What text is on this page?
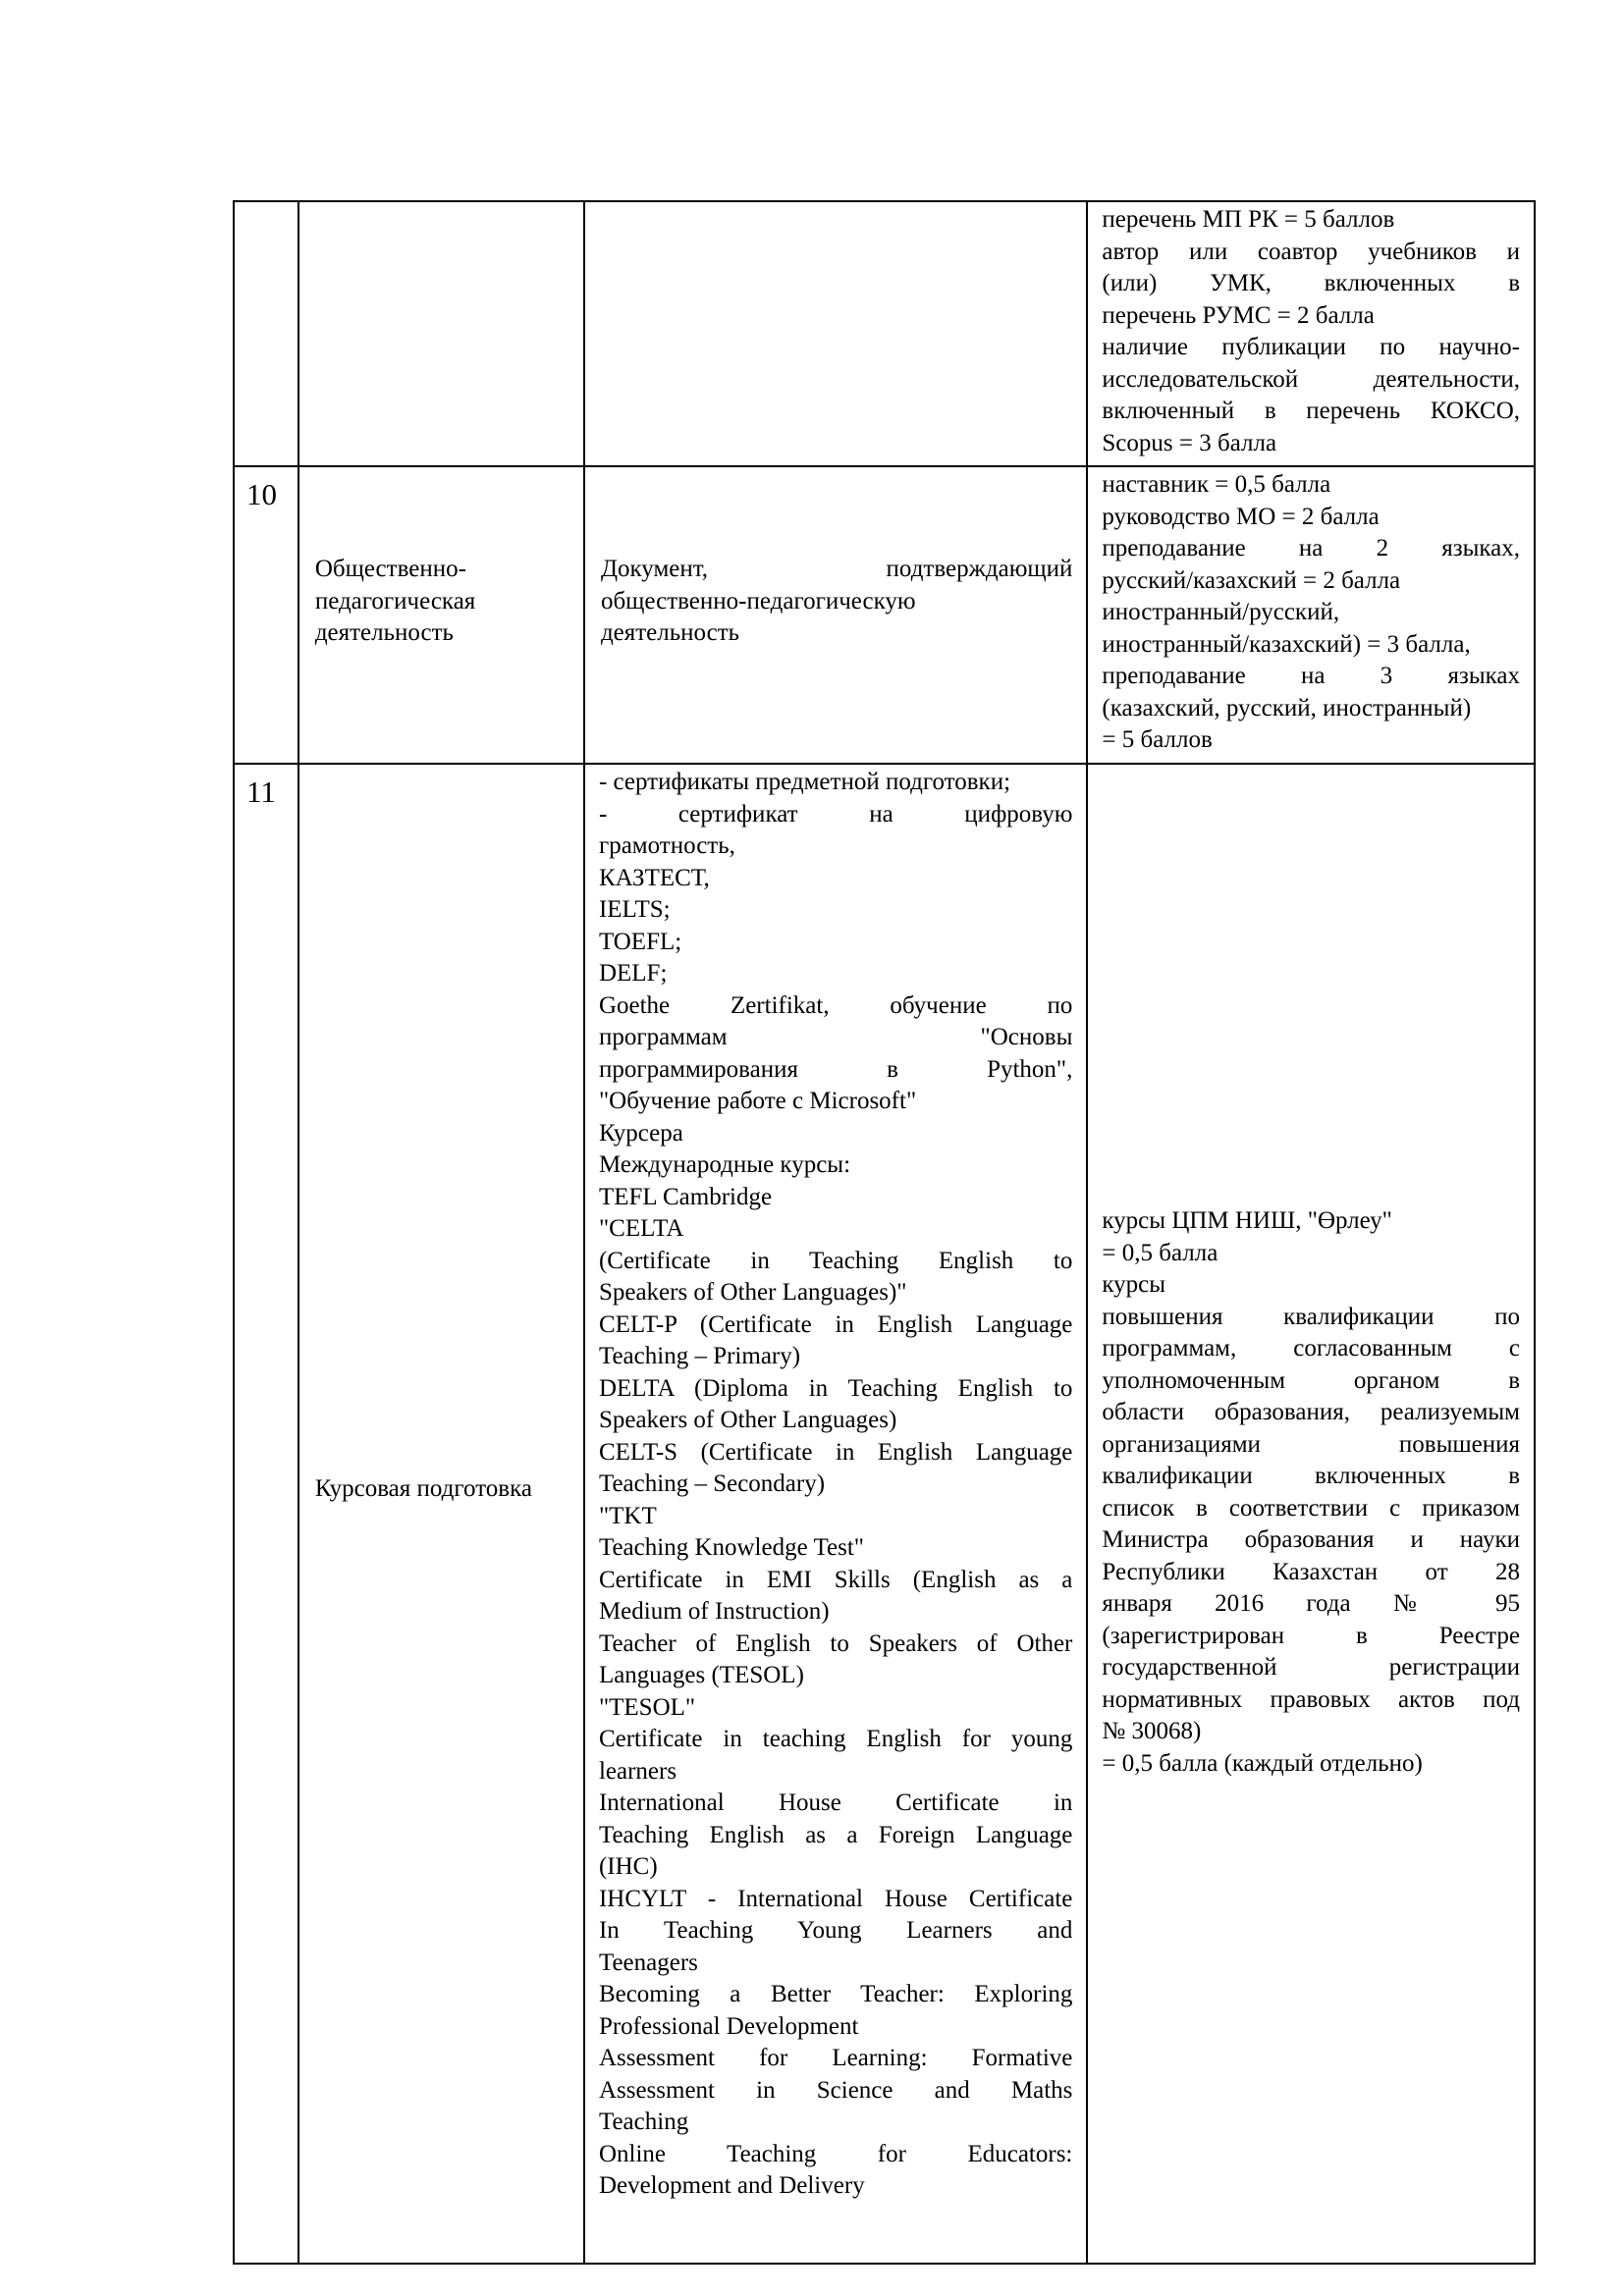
перечень МП РК = 5 баллов
автор или соавтор учебников и
(или) УМК, включенных в
перечень РУМС = 2 балла
наличие публикации по научно-
исследовательской деятельности,
включенный в перечень КОКСО,
Scopus = 3 балла
10
Общественно-
педагогическая
деятельность
Документ, подтверждающий
общественно-педагогическую
деятельность
наставник = 0,5 балла
руководство МО = 2 балла
преподавание на 2 языках,
русский/казахский = 2 балла
иностранный/русский,
иностранный/казахский) = 3 балла,
преподавание на 3 языках
(казахский, русский, иностранный)
= 5 баллов
11
Курсовая подготовка
- сертификаты предметной подготовки;
- сертификат на цифровую
грамотность,
КАЗТЕСТ,
IELTS;
TOEFL;
DELF;
Goethe Zertifikat, обучение по
программам "Основы
программирования в Python",
"Обучение работе с Microsoft"
Курсера
Международные курсы:
TEFL Cambridge
"CELTA
(Certificate in Teaching English to
Speakers of Other Languages)"
CELT-P (Certificate in English Language
Teaching – Primary)
DELTA (Diploma in Teaching English to
Speakers of Other Languages)
CELT-S (Certificate in English Language
Teaching – Secondary)
"TKT
Teaching Knowledge Test"
Certificate in EMI Skills (English as a
Medium of Instruction)
Teacher of English to Speakers of Other
Languages (TESOL)
"TESOL"
Certificate in teaching English for young
learners
International House Certificate in
Teaching English as a Foreign Language
(IHC)
IHCYLT - International House Certificate
In Teaching Young Learners and
Teenagers
Becoming a Better Teacher: Exploring
Professional Development
Assessment for Learning: Formative
Assessment in Science and Maths
Teaching
Online Teaching for Educators:
Development and Delivery
курсы ЦПМ НИШ, "Өрлеу"
= 0,5 балла
курсы
повышения квалификации по
программам, согласованным с
уполномоченным органом в
области образования, реализуемым
организациями повышения
квалификации включенных в
список в соответствии с приказом
Министра образования и науки
Республики Казахстан от 28
января 2016 года № 95
(зарегистрирован в Реестре
государственной регистрации
нормативных правовых актов под
№ 30068)
= 0,5 балла (каждый отдельно)
